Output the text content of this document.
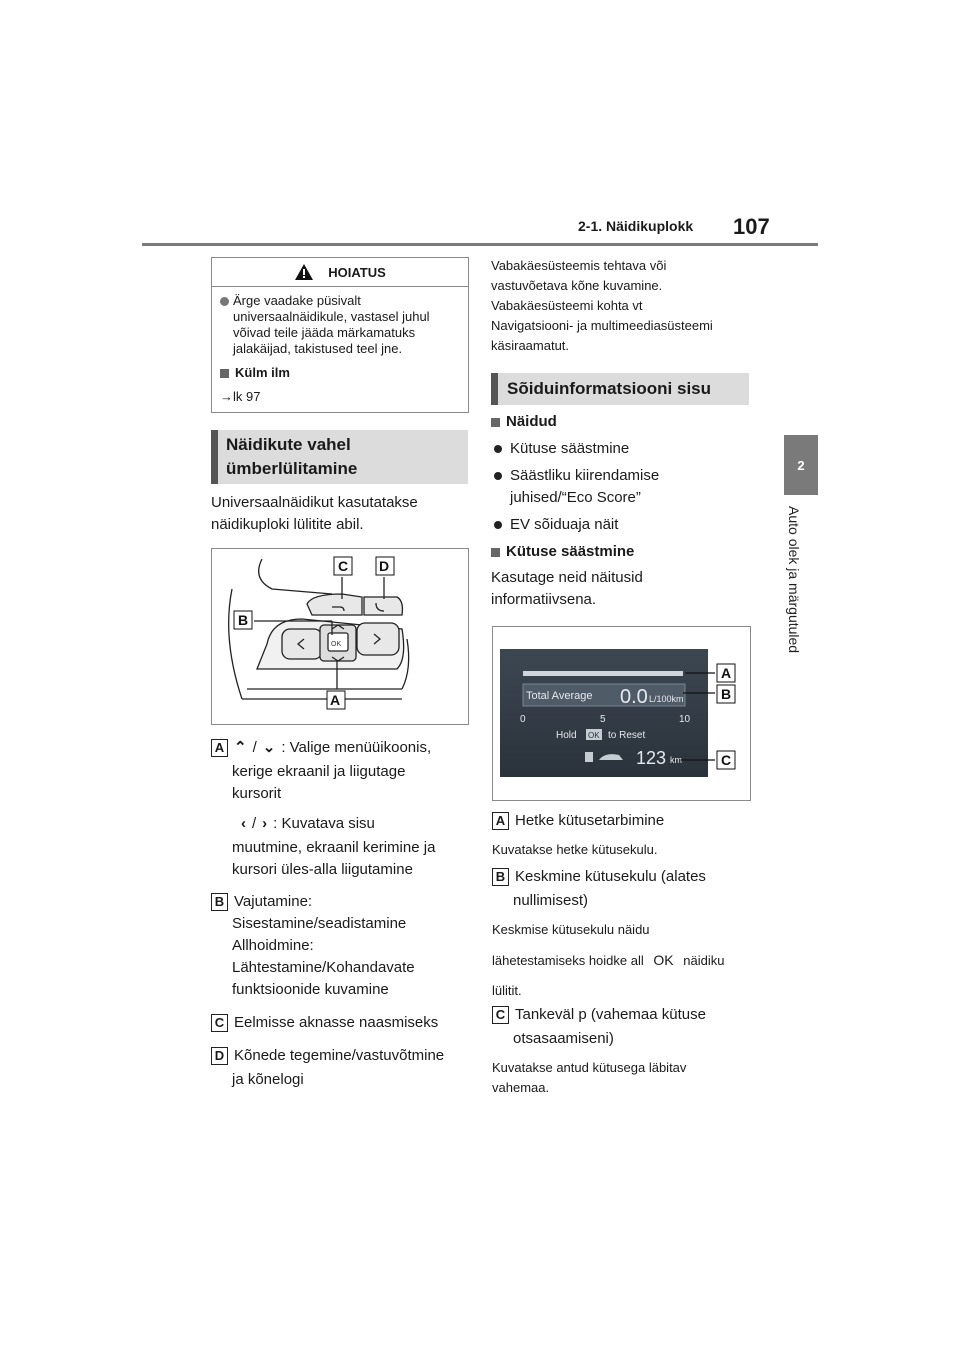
2-1. Näidikuplokk 107
2
Auto olek ja märgutuled
HOIATUS

Ärge vaadake püsivalt universaalnäidikule, vastasel juhul võivad teile jääda märkamatuks jalakäijad, takistused teel jne.

Külm ilm

→lk 97

Näidikute vahel
ümberlülitamine
Universaalnäidikut kasutatakse
näidikuploki lülitite abil.
C D
B
A
OK
A ⌃ / ⌄ : Valige menüüikoonis,
kerige ekraanil ja liigutage
kursorit
‹ / › : Kuvatava sisu
muutmine, ekraanil kerimine ja
kursori üles-alla liigutamine
B Vajutamine:
Sisestamine/seadistamine
Allhoidmine:
Lähtestamine/Kohandavate
funktsioonide kuvamine
C Eelmisse aknasse naasmiseks
D Kõnede tegemine/vastuvõtmine
ja kõnelogi
Vabakäesüsteemis tehtava või
vastuvõetava kõne kuvamine.
Vabakäesüsteemi kohta vt
Navigatsiooni- ja multimeediasüsteemi
käsiraamatut.
Sõiduinformatsiooni sisu
Näidud
Kütuse säästmine
Säästliku kiirendamise
juhised/“Eco Score”
EV sõiduaja näit
Kütuse säästmine
Kasutage neid näitusid
informatiivsena.
Total Average 0.0 L/100km
0	5	10
Hold OK to Reset
123 km
A
B
C
A Hetke kütusetarbimine
Kuvatakse hetke kütusekulu.
B Keskmine kütusekulu (alates
nullimisest)
Keskmise kütusekulu näidu
lähetestamiseks hoidke all OK näidiku
lülitit.
C Tankeväl p (vahemaa kütuse
otsasaamiseni)
Kuvatakse antud kütusega läbitav
vahemaa.
